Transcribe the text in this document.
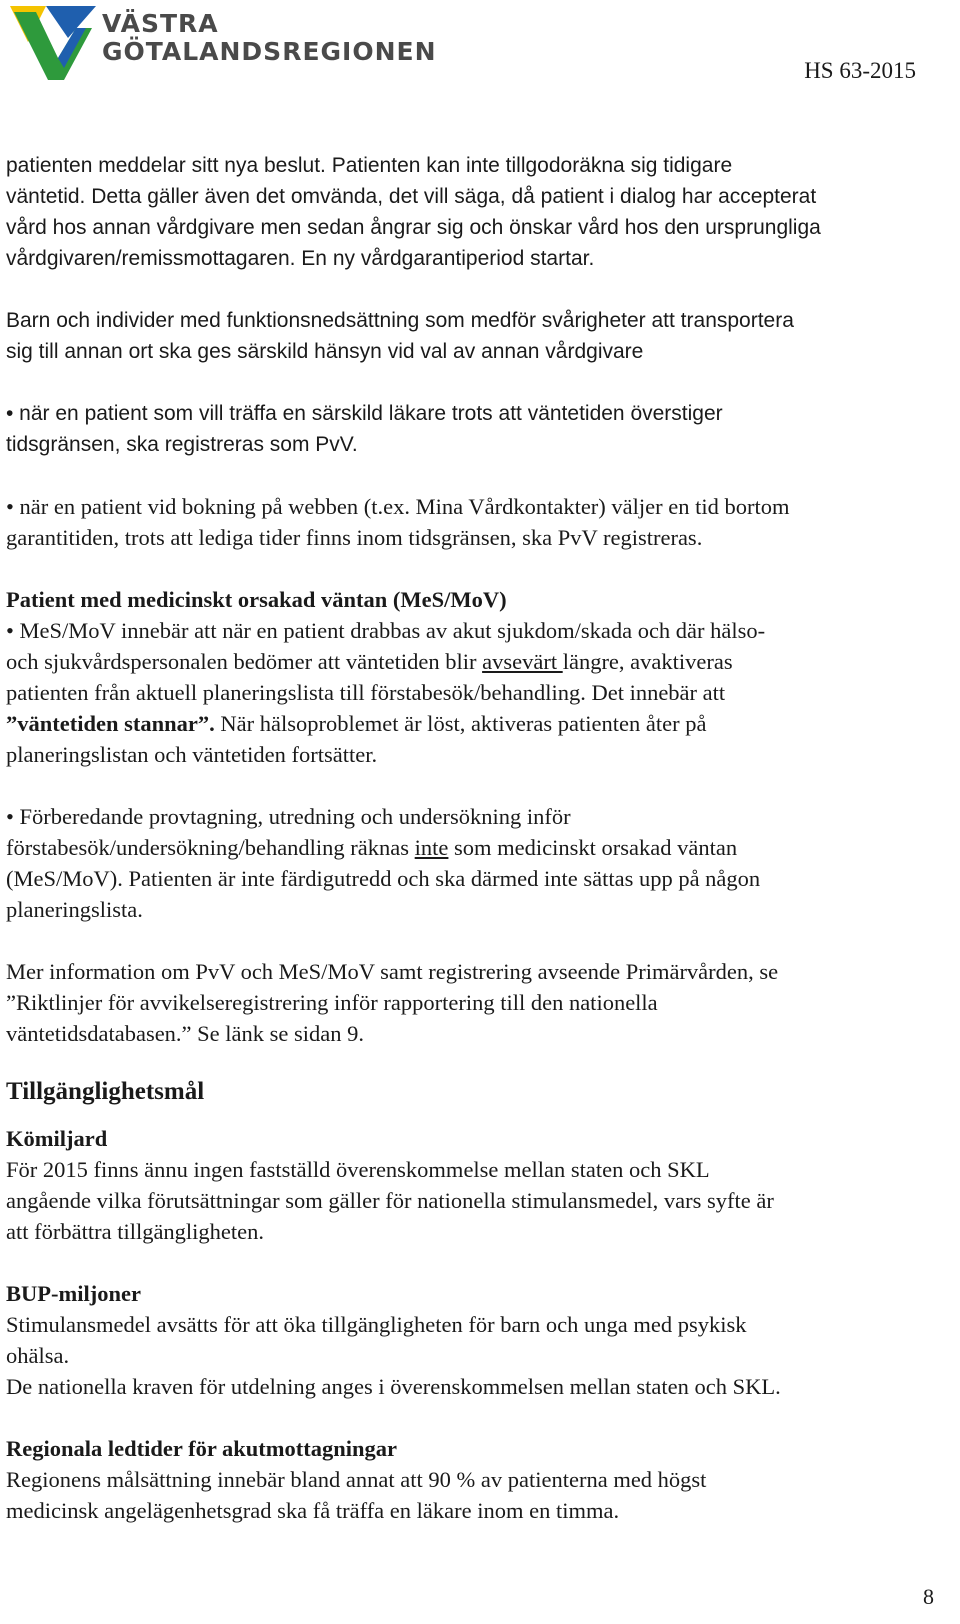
VÄSTRA
GÖTALANDSREGIONEN
HS 63-2015
patienten meddelar sitt nya beslut. Patienten kan inte tillgodoräkna sig tidigare
väntetid. Detta gäller även det omvända, det vill säga, då patient i dialog har accepterat
vård hos annan vårdgivare men sedan ångrar sig och önskar vård hos den ursprungliga
vårdgivaren/remissmottagaren. En ny vårdgarantiperiod startar.
Barn och individer med funktionsnedsättning som medför svårigheter att transportera
sig till annan ort ska ges särskild hänsyn vid val av annan vårdgivare
• när en patient som vill träffa en särskild läkare trots att väntetiden överstiger
tidsgränsen, ska registreras som PvV.
• när en patient vid bokning på webben (t.ex. Mina Vårdkontakter) väljer en tid bortom
garantitiden, trots att lediga tider finns inom tidsgränsen, ska PvV registreras.
Patient med medicinskt orsakad väntan (MeS/MoV)
• MeS/MoV innebär att när en patient drabbas av akut sjukdom/skada och där hälso-
och sjukvårdspersonalen bedömer att väntetiden blir avsevärt längre, avaktiveras
patienten från aktuell planeringslista till förstabesök/behandling. Det innebär att
”väntetiden stannar”. När hälsoproblemet är löst, aktiveras patienten åter på
planeringslistan och väntetiden fortsätter.
• Förberedande provtagning, utredning och undersökning inför
förstabesök/undersökning/behandling räknas inte som medicinskt orsakad väntan
(MeS/MoV). Patienten är inte färdigutredd och ska därmed inte sättas upp på någon
planeringslista.
Mer information om PvV och MeS/MoV samt registrering avseende Primärvården, se
”Riktlinjer för avvikelseregistrering inför rapportering till den nationella
väntetidsdatabasen.” Se länk se sidan 9.
Tillgänglighetsmål
Kömiljard
För 2015 finns ännu ingen fastställd överenskommelse mellan staten och SKL
angående vilka förutsättningar som gäller för nationella stimulansmedel, vars syfte är
att förbättra tillgängligheten.
BUP-miljoner
Stimulansmedel avsätts för att öka tillgängligheten för barn och unga med psykisk
ohälsa.
De nationella kraven för utdelning anges i överenskommelsen mellan staten och SKL.
Regionala ledtider för akutmottagningar
Regionens målsättning innebär bland annat att 90 % av patienterna med högst
medicinsk angelägenhetsgrad ska få träffa en läkare inom en timma.
8
